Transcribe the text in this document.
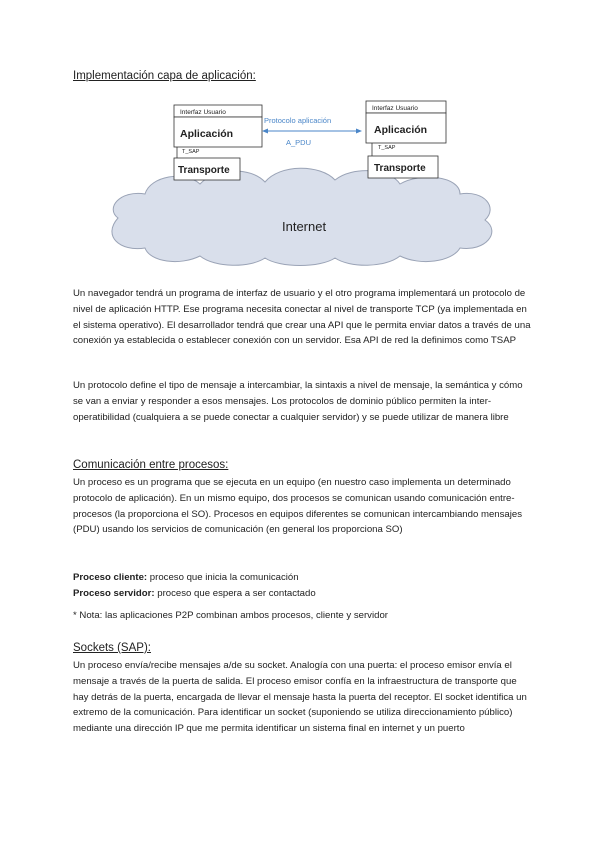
Implementación capa de aplicación:
Internet
Interfaz Usuario
Aplicación
T_SAP
Transporte
Protocolo aplicación
A_PDU
Interfaz Usuario
Aplicación
T_SAP
Transporte
Un navegador tendrá un programa de interfaz de usuario y el otro programa implementará un protocolo de nivel de aplicación HTTP. Ese programa necesita conectar al nivel de transporte TCP (ya implementada en el sistema operativo). El desarrollador tendrá que crear una API que le permita enviar datos a través de una conexión ya establecida o establecer conexión con un servidor. Esa API de red la definimos como TSAP
Un protocolo define el tipo de mensaje a intercambiar, la sintaxis a nivel de mensaje, la semántica y cómo se van a enviar y responder a esos mensajes. Los protocolos de dominio público permiten la inter-operatibilidad (cualquiera a se puede conectar a cualquier servidor) y se puede utilizar de manera libre
Comunicación entre procesos:
Un proceso es un programa que se ejecuta en un equipo (en nuestro caso implementa un determinado protocolo de aplicación). En un mismo equipo, dos procesos se comunican usando comunicación entre-procesos (la proporciona el SO). Procesos en equipos diferentes se comunican intercambiando mensajes (PDU) usando los servicios de comunicación (en general los proporciona SO)
Proceso cliente: proceso que inicia la comunicación
Proceso servidor: proceso que espera a ser contactado
* Nota: las aplicaciones P2P combinan ambos procesos, cliente y servidor
Sockets (SAP):
Un proceso envía/recibe mensajes a/de su socket. Analogía con una puerta: el proceso emisor envía el mensaje a través de la puerta de salida. El proceso emisor confía en la infraestructura de transporte que hay detrás de la puerta, encargada de llevar el mensaje hasta la puerta del receptor. El socket identifica un extremo de la comunicación. Para identificar un socket (suponiendo se utiliza direccionamiento público) mediante una dirección IP que me permita identificar un sistema final en internet y un puerto
